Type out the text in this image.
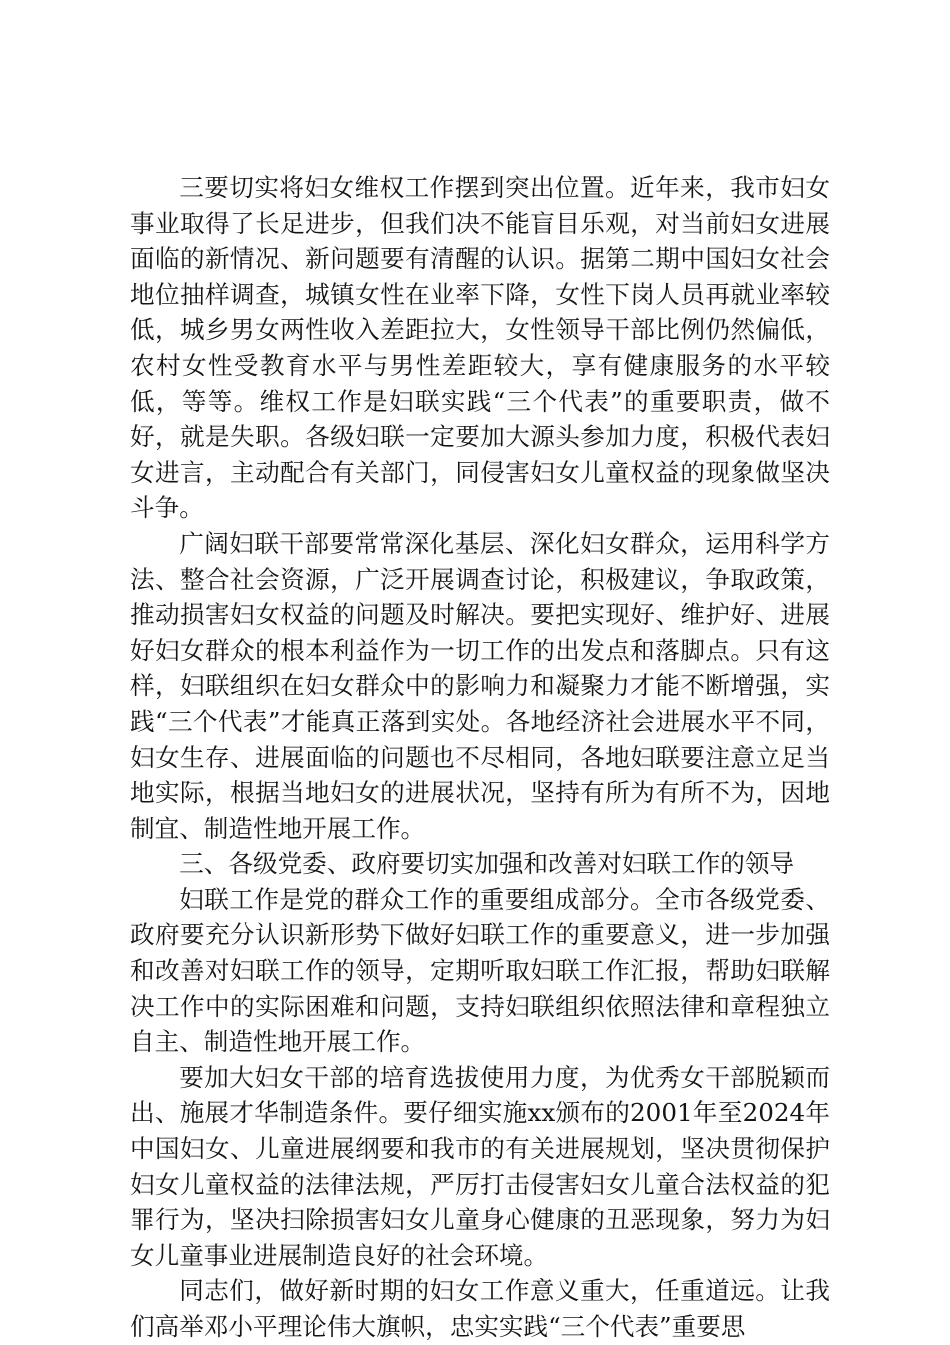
三要切实将妇女维权工作摆到突出位置。近年来，我市妇女事业取得了长足进步，但我们决不能盲目乐观，对当前妇女进展面临的新情况、新问题要有清醒的认识。据第二期中国妇女社会地位抽样调查，城镇女性在业率下降，女性下岗人员再就业率较低，城乡男女两性收入差距拉大，女性领导干部比例仍然偏低，农村女性受教育水平与男性差距较大，享有健康服务的水平较低，等等。维权工作是妇联实践“三个代表”的重要职责，做不好，就是失职。各级妇联一定要加大源头参加力度，积极代表妇女进言，主动配合有关部门，同侵害妇女儿童权益的现象做坚决斗争。

广阔妇联干部要常常深化基层、深化妇女群众，运用科学方法、整合社会资源，广泛开展调查讨论，积极建议，争取政策，推动损害妇女权益的问题及时解决。要把实现好、维护好、进展好妇女群众的根本利益作为一切工作的出发点和落脚点。只有这样，妇联组织在妇女群众中的影响力和凝聚力才能不断增强，实践“三个代表”才能真正落到实处。各地经济社会进展水平不同，妇女生存、进展面临的问题也不尽相同，各地妇联要注意立足当地实际，根据当地妇女的进展状况，坚持有所为有所不为，因地制宜、制造性地开展工作。

三、各级党委、政府要切实加强和改善对妇联工作的领导

妇联工作是党的群众工作的重要组成部分。全市各级党委、政府要充分认识新形势下做好妇联工作的重要意义，进一步加强和改善对妇联工作的领导，定期听取妇联工作汇报，帮助妇联解决工作中的实际困难和问题，支持妇联组织依照法律和章程独立自主、制造性地开展工作。

要加大妇女干部的培育选拔使用力度，为优秀女干部脱颖而出、施展才华制造条件。要仔细实施xx颁布的2001年至2024年中国妇女、儿童进展纲要和我市的有关进展规划，坚决贯彻保护妇女儿童权益的法律法规，严厉打击侵害妇女儿童合法权益的犯罪行为，坚决扫除损害妇女儿童身心健康的丑恶现象，努力为妇女儿童事业进展制造良好的社会环境。

同志们，做好新时期的妇女工作意义重大，任重道远。让我们高举邓小平理论伟大旗帜，忠实实践“三个代表”重要思
